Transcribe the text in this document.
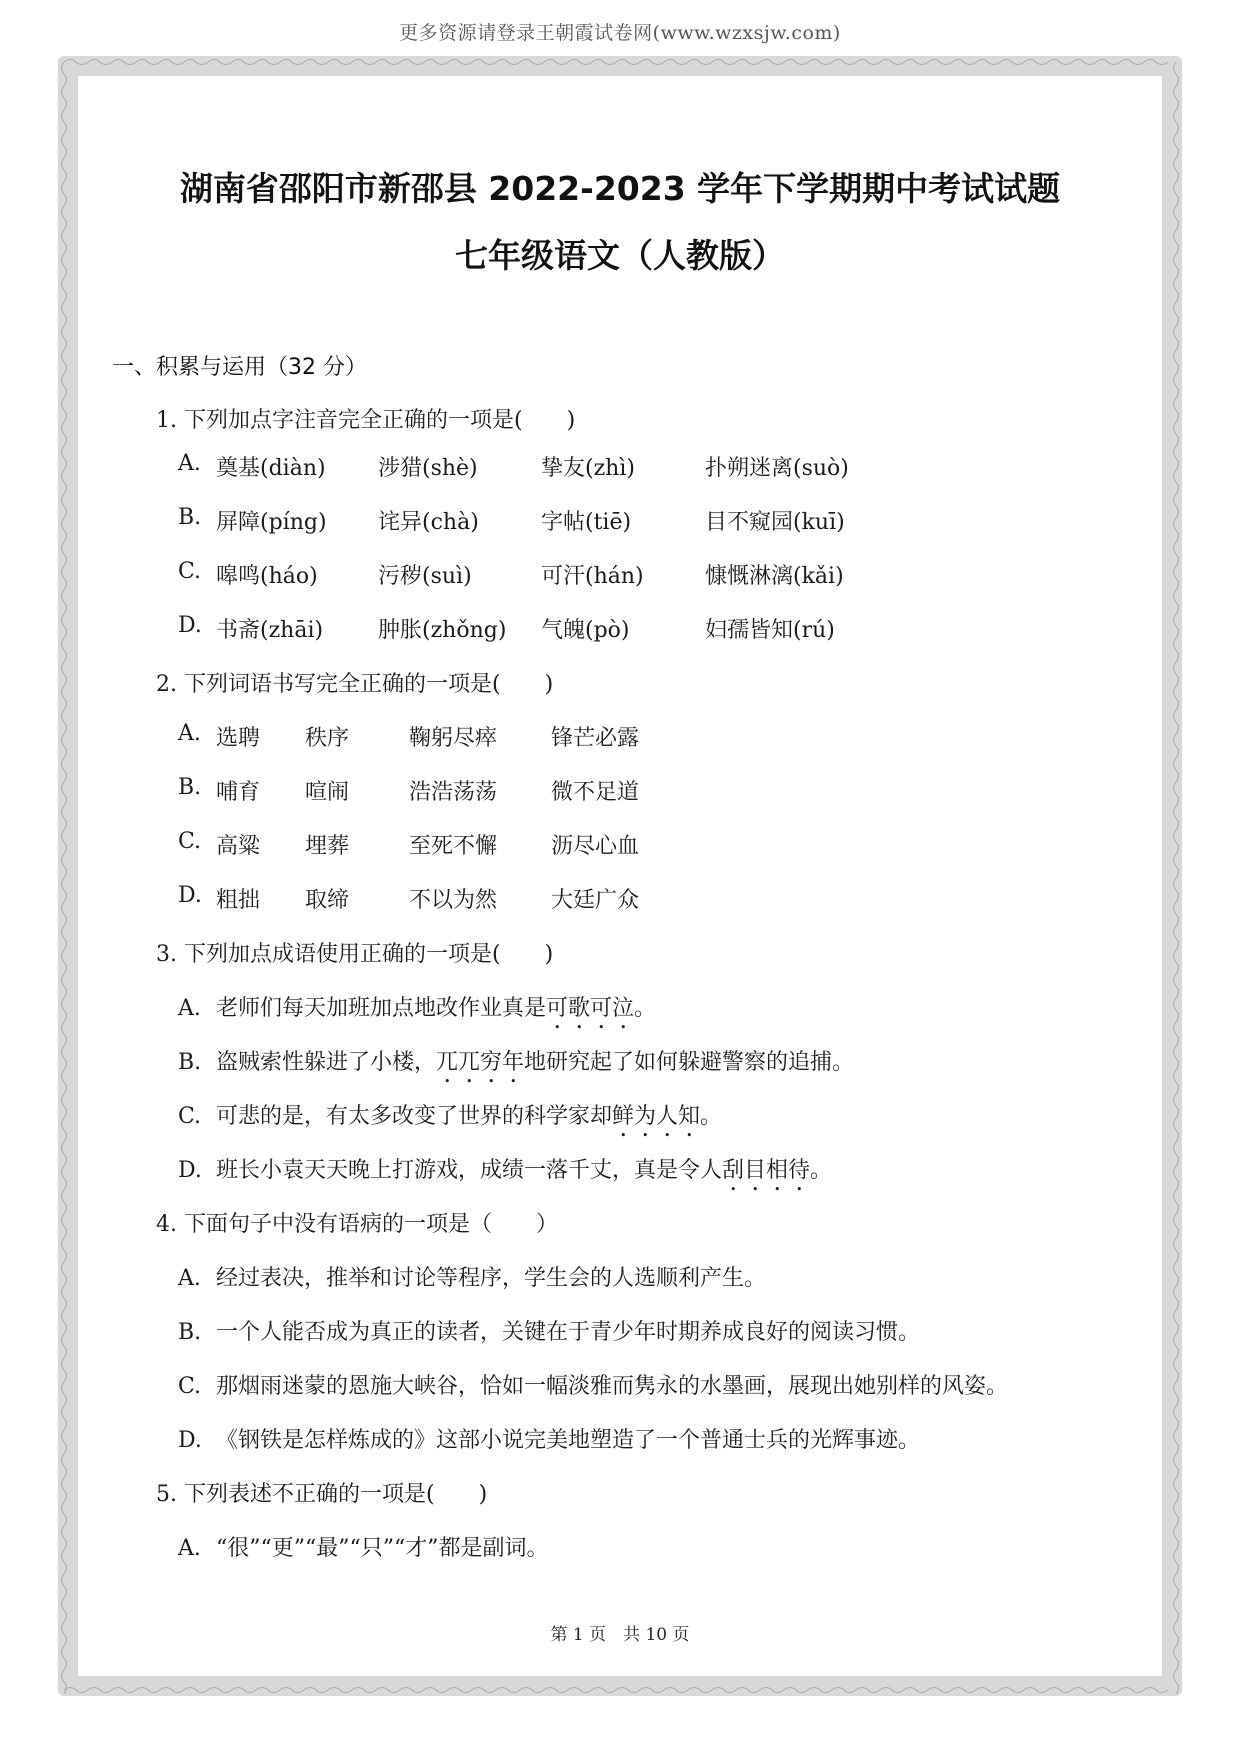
更多资源请登录王朝霞试卷网(www.wzxsjw.com)
湖南省邵阳市新邵县 2022-2023 学年下学期期中考试试题
七年级语文（人教版）
一、积累与运用（32 分）
1. 下列加点字注音完全正确的一项是(　　)
A. 奠基(diàn) 涉猎(shè)	挚友(zhì)	扑朔迷离(suò)
B. 屏障(píng) 诧异(chà)	字帖(tiē)	目不窥园(kuī)
C. 嗥鸣(háo)	污秽(suì)	可汗(hán)	慷慨淋漓(kǎi)
D. 书斋(zhāi) 肿胀(zhǒng) 气魄(pò)	妇孺皆知(rú)
2. 下列词语书写完全正确的一项是(　　)
A. 选聘 秩序	鞠躬尽瘁 锋芒必露
B. 哺育 喧闹	浩浩荡荡 微不足道
C. 高粱 埋葬	至死不懈 沥尽心血
D. 粗拙 取缔	不以为然 大廷广众
3. 下列加点成语使用正确的一项是(　　)
A. 老师们每天加班加点地改作业真是可歌可泣。
B. 盗贼索性躲进了小楼，兀兀穷年地研究起了如何躲避警察的追捕。
C. 可悲的是，有太多改变了世界的科学家却鲜为人知。
D. 班长小袁天天晚上打游戏，成绩一落千丈，真是令人刮目相待。
4. 下面句子中没有语病的一项是（　　）
A. 经过表决，推举和讨论等程序，学生会的人选顺利产生。
B. 一个人能否成为真正的读者，关键在于青少年时期养成良好的阅读习惯。
C. 那烟雨迷蒙的恩施大峡谷，恰如一幅淡雅而隽永的水墨画，展现出她别样的风姿。
D. 《钢铁是怎样炼成的》这部小说完美地塑造了一个普通士兵的光辉事迹。
5. 下列表述不正确的一项是(　　)
A. “很”“更”“最”“只”“才”都是副词。
第 1 页　共 10 页
